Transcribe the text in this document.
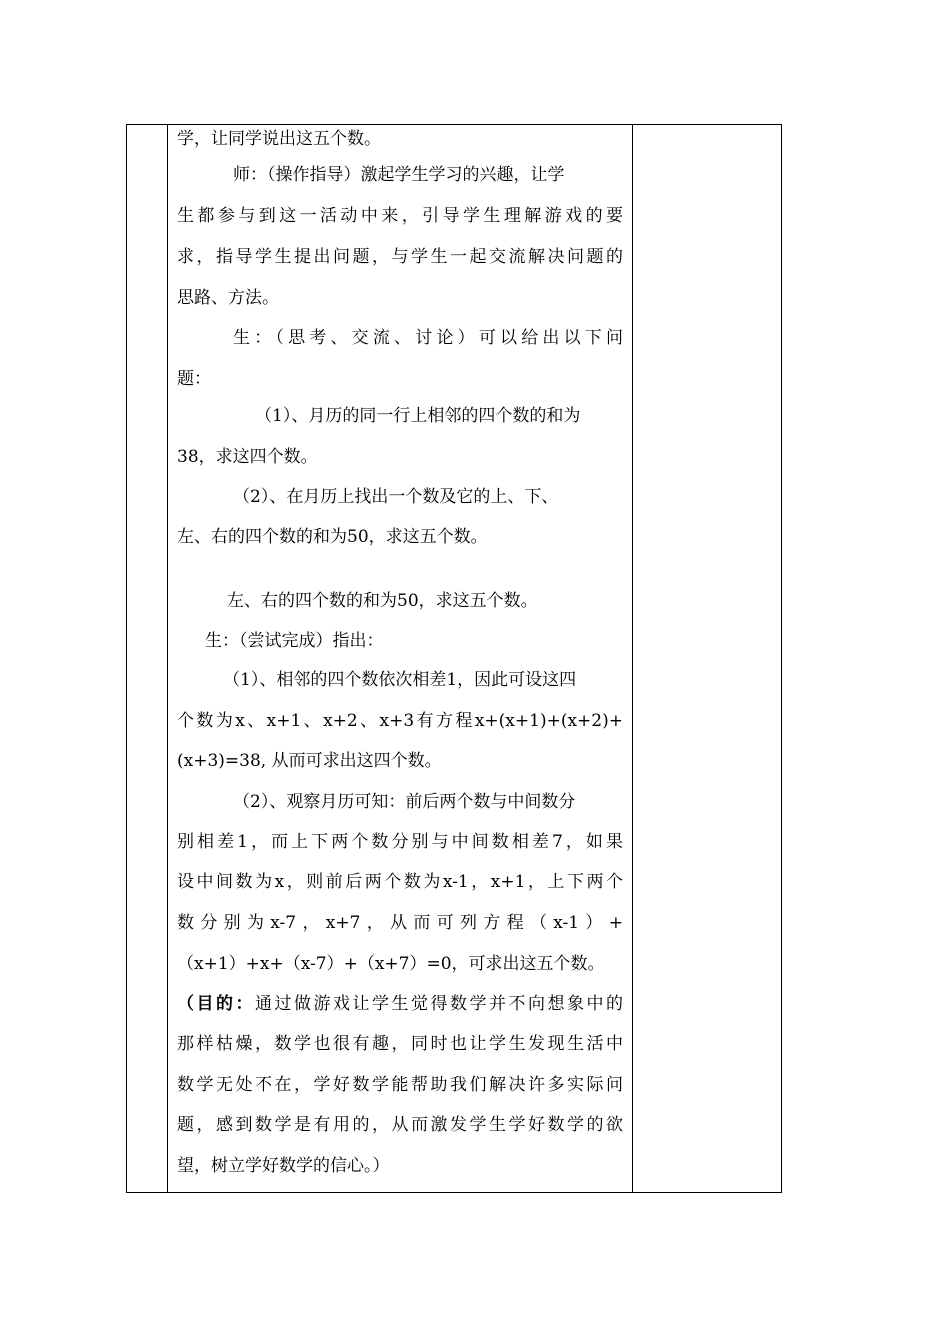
学，让同学说出这五个数。
师：（操作指导）激起学生学习的兴趣，让学
生都参与到这一活动中来，引导学生理解游戏的要
求，指导学生提出问题，与学生一起交流解决问题的
思路、方法。
生：（思考、交流、讨论）可以给出以下问
题：
（1）、月历的同一行上相邻的四个数的和为
38，求这四个数。
（2）、在月历上找出一个数及它的上、下、
左、右的四个数的和为50，求这五个数。
左、右的四个数的和为50，求这五个数。
生：（尝试完成）指出：
（1）、相邻的四个数依次相差1，因此可设这四
个数为x、x+1、x+2、x+3有方程x+(x+1)+(x+2)+
(x+3)=38, 从而可求出这四个数。
（2）、观察月历可知：前后两个数与中间数分
别相差1，而上下两个数分别与中间数相差7，如果
设中间数为x，则前后两个数为x-1，x+1，上下两个
数分别为x-7，x+7，从而可列方程（x-1）+
（x+1）+x+（x-7）+（x+7）=0，可求出这五个数。
（目的：通过做游戏让学生觉得数学并不向想象中的
那样枯燥，数学也很有趣，同时也让学生发现生活中
数学无处不在，学好数学能帮助我们解决许多实际问
题，感到数学是有用的，从而激发学生学好数学的欲
望，树立学好数学的信心。）
